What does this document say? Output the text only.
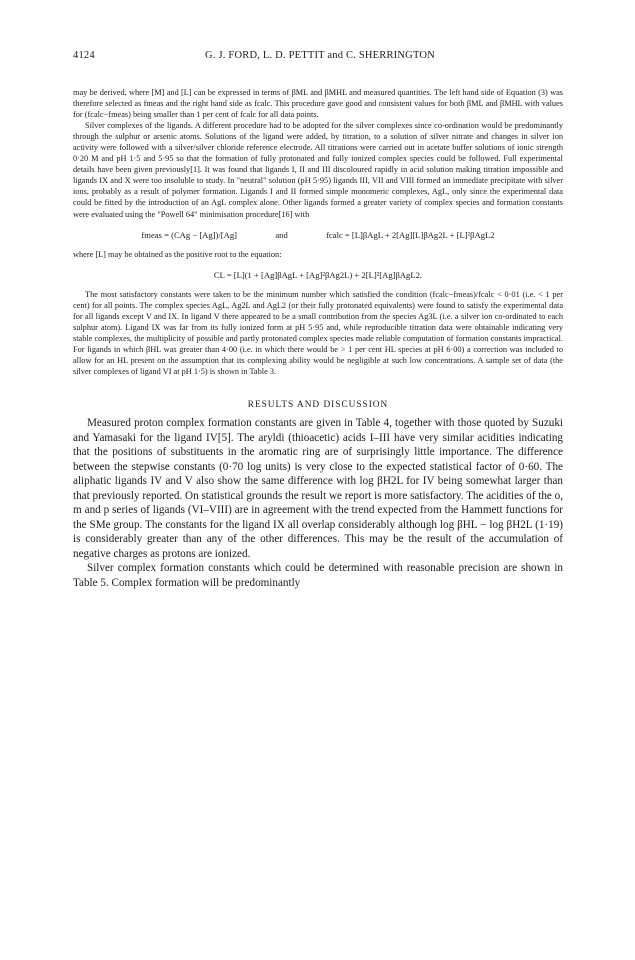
4124	G. J. FORD, L. D. PETTIT and C. SHERRINGTON

may be derived, where [M] and [L] can be expressed in terms of βML and βMHL and measured quantities. The left hand side of Equation (3) was therefore selected as fmeas and the right hand side as fcalc. This procedure gave good and consistent values for both βML and βMHL with values for (fcalc−fmeas) being smaller than 1 per cent of fcalc for all data points.

Silver complexes of the ligands. A different procedure had to be adopted for the silver complexes since co-ordination would be predominantly through the sulphur or arsenic atoms. Solutions of the ligand were added, by titration, to a solution of silver nitrate and changes in silver ion activity were followed with a silver/silver chloride reference electrode. All titrations were carried out in acetate buffer solutions of ionic strength 0·20 M and pH 1·5 and 5·95 so that the formation of fully protonated and fully ionized complex species could be followed. Full experimental details have been given previously[1]. It was found that ligands I, II and III discoloured rapidly in acid solution making titration impossible and ligands IX and X were too insoluble to study. In "neutral" solution (pH 5·95) ligands III, VII and VIII formed an immediate precipitate with silver ions, probably as a result of polymer formation. Ligands I and II formed simple monomeric complexes, AgL, only since the experimental data could be fitted by the introduction of an AgL complex alone. Other ligands formed a greater variety of complex species and formation constants were evaluated using the "Powell 64" minimisation procedure[16] with

fmeas = (CAg − [Ag])/[Ag]	and	fcalc = [L]βAgL + 2[Ag][L]βAg2L + [L]²βAgL2

where [L] may be obtained as the positive root to the equation:

CL = [L](1 + [Ag]βAgL + [Ag]²βAg2L) + 2[L]²[Ag]βAgL2.

The most satisfactory constants were taken to be the minimum number which satisfied the condition (fcalc−fmeas)/fcalc < 0·01 (i.e. < 1 per cent) for all points. The complex species AgL, Ag2L and AgL2 (or their fully protonated equivalents) were found to satisfy the experimental data for all ligands except V and IX. In ligand V there appeared to be a small contribution from the species Ag3L (i.e. a silver ion co-ordinated to each sulphur atom). Ligand IX was far from its fully ionized form at pH 5·95 and, while reproducible titration data were obtainable indicating very stable complexes, the multiplicity of possible and partly protonated complex species made reliable computation of formation constants impractical. For ligands in which βHL was greater than 4·00 (i.e. in which there would be > 1 per cent HL species at pH 6·00) a correction was included to allow for an HL present on the assumption that its complexing ability would be negligible at such low concentrations. A sample set of data (the silver complexes of ligand VI at pH 1·5) is shown in Table 3.

RESULTS AND DISCUSSION

Measured proton complex formation constants are given in Table 4, together with those quoted by Suzuki and Yamasaki for the ligand IV[5]. The aryldi (thioacetic) acids I–III have very similar acidities indicating that the positions of substituents in the aromatic ring are of surprisingly little importance. The difference between the stepwise constants (0·70 log units) is very close to the expected statistical factor of 0·60. The aliphatic ligands IV and V also show the same difference with log βH2L for IV being somewhat larger than that previously reported. On statistical grounds the result we report is more satisfactory. The acidities of the o, m and p series of ligands (VI–VIII) are in agreement with the trend expected from the Hammett functions for the SMe group. The constants for the ligand IX all overlap considerably although log βHL − log βH2L (1·19) is considerably greater than any of the other differences. This may be the result of the accumulation of negative charges as protons are ionized.

Silver complex formation constants which could be determined with reasonable precision are shown in Table 5. Complex formation will be predominantly
